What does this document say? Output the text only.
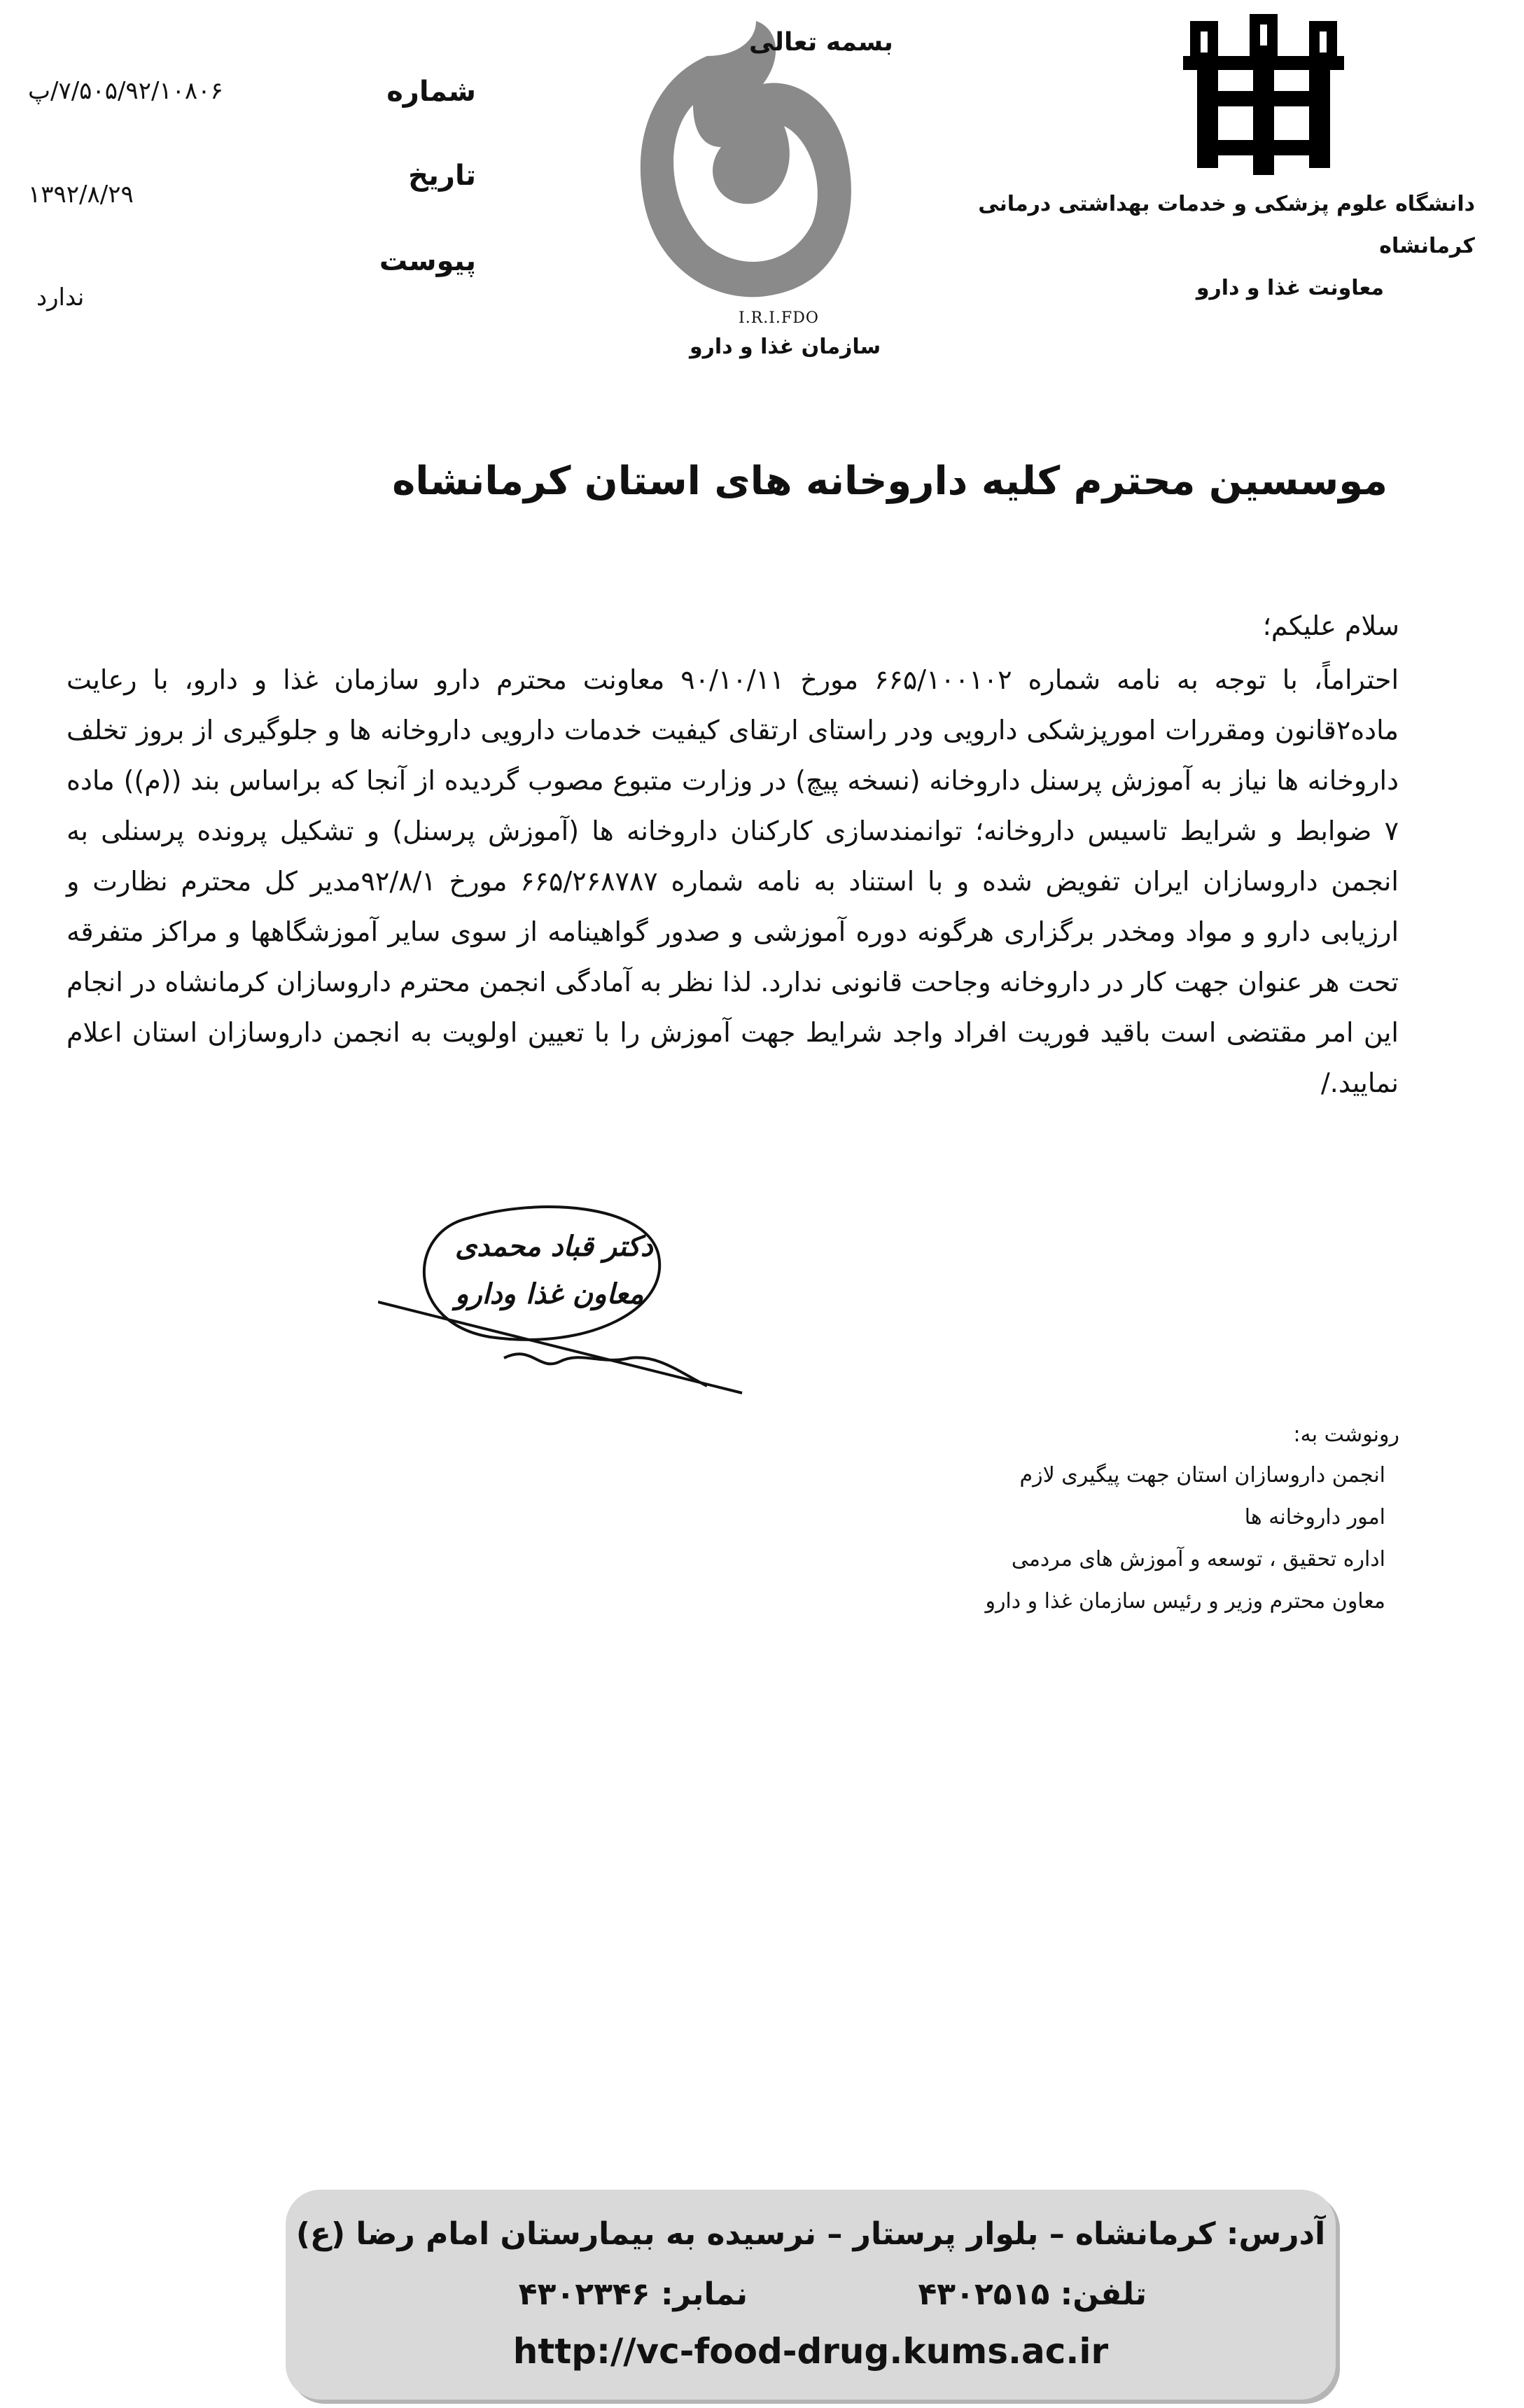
دانشگاه علوم پزشکی و خدمات بهداشتی درمانی کرمانشاه
معاونت غذا و دارو
بسمه تعالی
I.R.I.FDO
سازمان غذا و دارو
شماره
۷/۵۰۵/۹۲/۱۰۸۰۶/پ
تاریخ
۱۳۹۲/۸/۲۹
پیوست
ندارد
موسسین محترم کلیه داروخانه های استان کرمانشاه
سلام علیکم؛
احتراماً، با توجه به نامه شماره ۶۶۵/۱۰۰۱۰۲ مورخ ۹۰/۱۰/۱۱ معاونت محترم دارو سازمان غذا و دارو، با رعایت ماده۲قانون ومقررات امورپزشکی دارویی ودر راستای ارتقای کیفیت خدمات دارویی داروخانه ها و جلوگیری از بروز تخلف داروخانه ها نیاز به آموزش پرسنل داروخانه (نسخه پیچ) در وزارت متبوع مصوب گردیده از آنجا که براساس بند ((م)) ماده ۷ ضوابط و شرایط تاسیس داروخانه؛ توانمندسازی کارکنان داروخانه ها (آموزش پرسنل) و تشکیل پرونده پرسنلی به انجمن داروسازان ایران تفویض شده و با استناد به نامه شماره ۶۶۵/۲۶۸۷۸۷ مورخ ۹۲/۸/۱مدیر کل محترم نظارت و ارزیابی دارو و مواد ومخدر برگزاری هرگونه دوره آموزشی و صدور گواهینامه از سوی سایر آموزشگاهها و مراکز متفرقه تحت هر عنوان جهت کار در داروخانه وجاحت قانونی ندارد. لذا نظر به آمادگی انجمن محترم داروسازان کرمانشاه در انجام این امر مقتضی است باقید فوریت افراد واجد شرایط جهت آموزش را با تعیین اولویت به انجمن داروسازان استان اعلام نمایید./
دکتر قباد محمدی
معاون غذا ودارو
رونوشت به:
انجمن داروسازان استان جهت پیگیری لازم
امور داروخانه ها
اداره تحقیق ، توسعه و آموزش های مردمی
معاون محترم وزیر و رئیس سازمان غذا و دارو
آدرس: کرمانشاه – بلوار پرستار – نرسیده به بیمارستان امام رضا (ع)
تلفن: ۴۳۰۲۵۱۵
نمابر: ۴۳۰۲۳۴۶
http://vc-food-drug.kums.ac.ir
